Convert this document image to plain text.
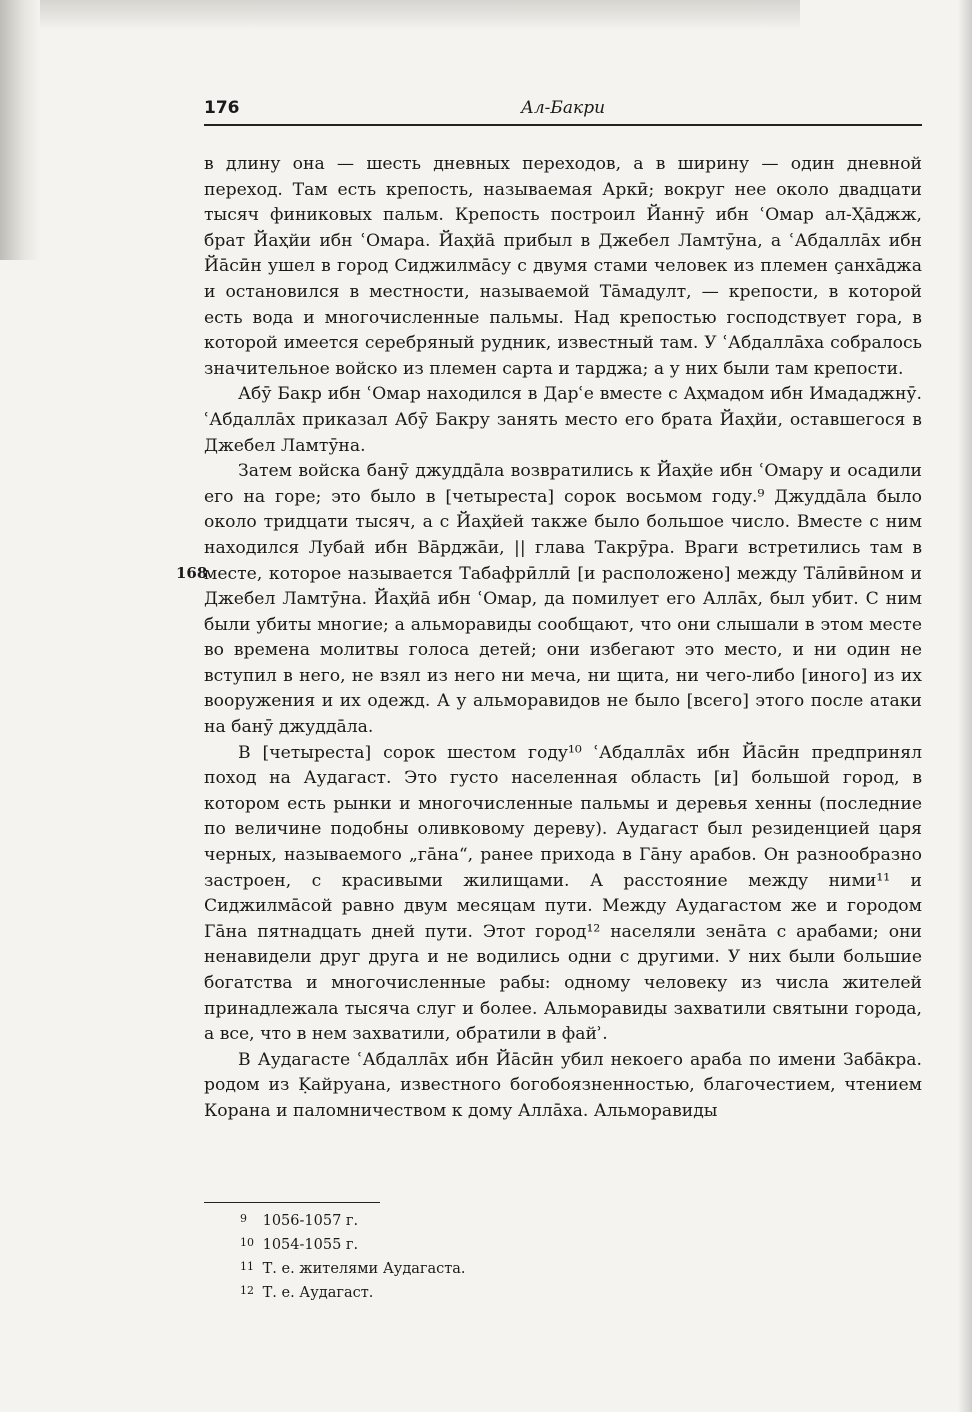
176	Ал-Бакри
168

в длину она — шесть дневных переходов, а в ширину — один дневной переход. Там есть крепость, называемая Аркӣ; вокруг нее около двадцати тысяч финиковых пальм. Крепость построил Йаннӯ ибн ʿОмар ал-Ҳāджж, брат Йаҳйи ибн ʿОмара. Йаҳйā прибыл в Джебел Ламтӯна, а ʿАбдаллāх ибн Йāсӣн ушел в город Сиджилмāсу с двумя стами человек из племен ҫанхāджа и остановился в местности, называемой Тāмадулт, — крепости, в которой есть вода и многочисленные пальмы. Над крепостью господствует гора, в которой имеется серебряный рудник, известный там. У ʿАбдаллāха собралось значительное войско из племен сарта и тарджа; а у них были там крепости.

Абӯ Бакр ибн ʿОмар находился в Дарʿе вместе с Аҳмадом ибн Имададжнӯ. ʿАбдаллāх приказал Абӯ Бакру занять место его брата Йаҳйи, оставшегося в Джебел Ламтӯна.

Затем войска банӯ джуддāла возвратились к Йаҳйе ибн ʿОмару и осадили его на горе; это было в [четыреста] сорок восьмом году.⁹ Джуддāла было около тридцати тысяч, а с Йаҳйей также было большое число. Вместе с ним находился Лубай ибн Вāрджāи, || глава Такрӯра. Враги встретились там в месте, которое называется Табафрӣллӣ [и расположено] между Тāлӣвӣном и Джебел Ламтӯна. Йаҳйā ибн ʿОмар, да помилует его Аллāх, был убит. С ним были убиты многие; а альморавиды сообщают, что они слышали в этом месте во времена молитвы голоса детей; они избегают это место, и ни один не вступил в него, не взял из него ни меча, ни щита, ни чего-либо [иного] из их вооружения и их одежд. А у альморавидов не было [всего] этого после атаки на банӯ джуддāла.

В [четыреста] сорок шестом году¹⁰ ʿАбдаллāх ибн Йāсӣн предпринял поход на Аудагаст. Это густо населенная область [и] большой город, в котором есть рынки и многочисленные пальмы и деревья хенны (последние по величине подобны оливковому дереву). Аудагаст был резиденцией царя черных, называемого „гāна“, ранее прихода в Гāну арабов. Он разнообразно застроен, с красивыми жилищами. А расстояние между ними¹¹ и Сиджилмāсой равно двум месяцам пути. Между Аудагастом же и городом Гāна пятнадцать дней пути. Этот город¹² населяли зенāта с арабами; они ненавидели друг друга и не водились одни с другими. У них были большие богатства и многочисленные рабы: одному человеку из числа жителей принадлежала тысяча слуг и более. Альморавиды захватили святыни города, а все, что в нем захватили, обратили в файʾ.

В Аудагасте ʿАбдаллāх ибн Йāсӣн убил некоего араба по имени Забāкра. родом из Ḳайруана, известного богобоязненностью, благочестием, чтением Корана и паломничеством к дому Аллāха. Альморавиды

9 1056-1057 г.
10 1054-1055 г.
11 Т. е. жителями Аудагаста.
12 Т. е. Аудагаст.
